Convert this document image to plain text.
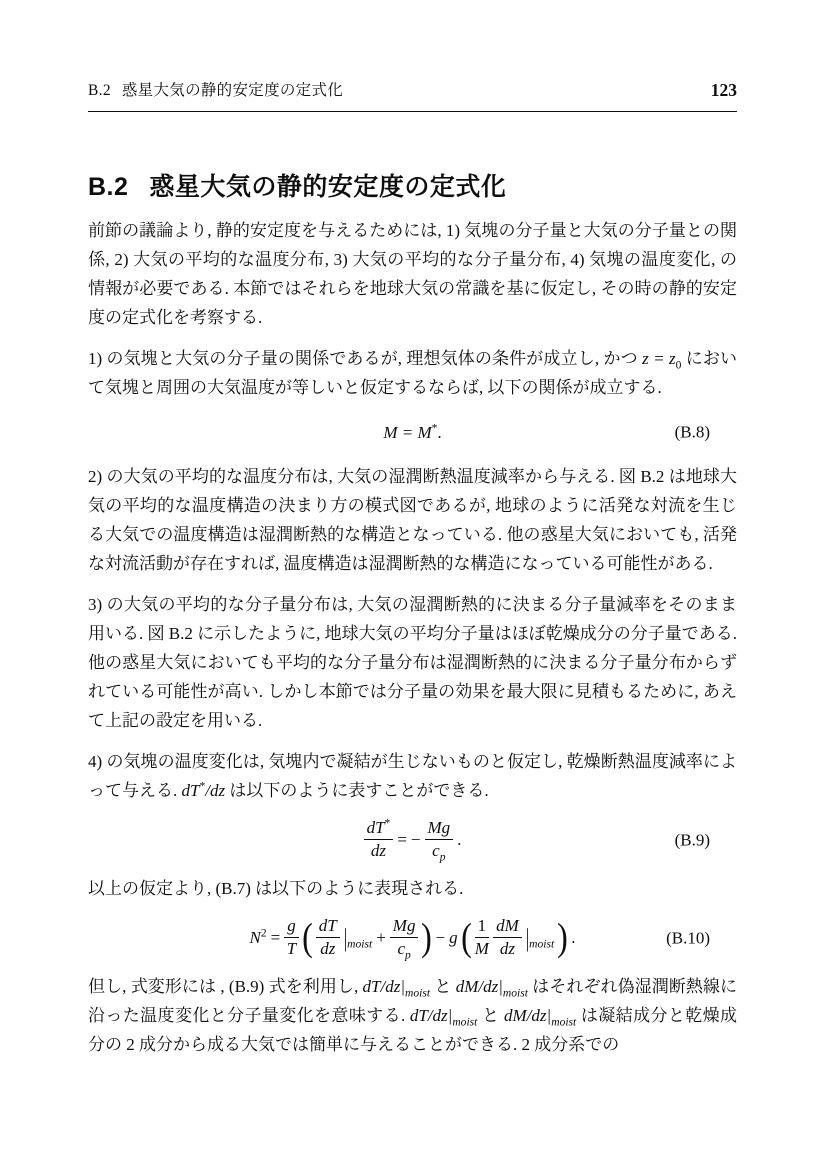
B.2 惑星大気の静的安定度の定式化	123
B.2 惑星大気の静的安定度の定式化

前節の議論より, 静的安定度を与えるためには, 1) 気塊の分子量と大気の分子量との関係, 2) 大気の平均的な温度分布, 3) 大気の平均的な分子量分布, 4) 気塊の温度変化, の情報が必要である. 本節ではそれらを地球大気の常識を基に仮定し, その時の静的安定度の定式化を考察する.

1) の気塊と大気の分子量の関係であるが, 理想気体の条件が成立し, かつ $z = z_0$ において気塊と周囲の大気温度が等しいと仮定するならば, 以下の関係が成立する.

M = M*.	(B.8)

2) の大気の平均的な温度分布は, 大気の湿潤断熱温度減率から与える. 図 B.2 は地球大気の平均的な温度構造の決まり方の模式図であるが, 地球のように活発な対流を生じる大気での温度構造は湿潤断熱的な構造となっている. 他の惑星大気においても, 活発な対流活動が存在すれば, 温度構造は湿潤断熱的な構造になっている可能性がある.

3) の大気の平均的な分子量分布は, 大気の湿潤断熱的に決まる分子量減率をそのまま用いる. 図 B.2 に示したように, 地球大気の平均分子量はほぼ乾燥成分の分子量である. 他の惑星大気においても平均的な分子量分布は湿潤断熱的に決まる分子量分布からずれている可能性が高い. しかし本節では分子量の効果を最大限に見積もるために, あえて上記の設定を用いる.

4) の気塊の温度変化は, 気塊内で凝結が生じないものと仮定し, 乾燥断熱温度減率によって与える. dT*/dz は以下のように表すことができる.

$\frac{dT^*}{dz}$ = − $\frac{Mg}{c_p}$ .	(B.9)

以上の仮定より, (B.7) は以下のように表現される.

$N^2 = \frac{g}{T}$ ( $\frac{dT}{dz} |_{moist} + \frac{Mg}{c_p}$ ) − g ( $\frac{1}{M} \frac{dM}{dz} |_{moist}$ ) .	(B.10)

但し, 式変形には , (B.9) 式を利用し, $dT/dz|_{moist}$ と $dM/dz|_{moist}$ はそれぞれ偽湿潤断熱線に沿った温度変化と分子量変化を意味する. $dT/dz|_{moist}$ と $dM/dz|_{moist}$ は凝結成分と乾燥成分の 2 成分から成る大気では簡単に与えることができる. 2 成分系での
